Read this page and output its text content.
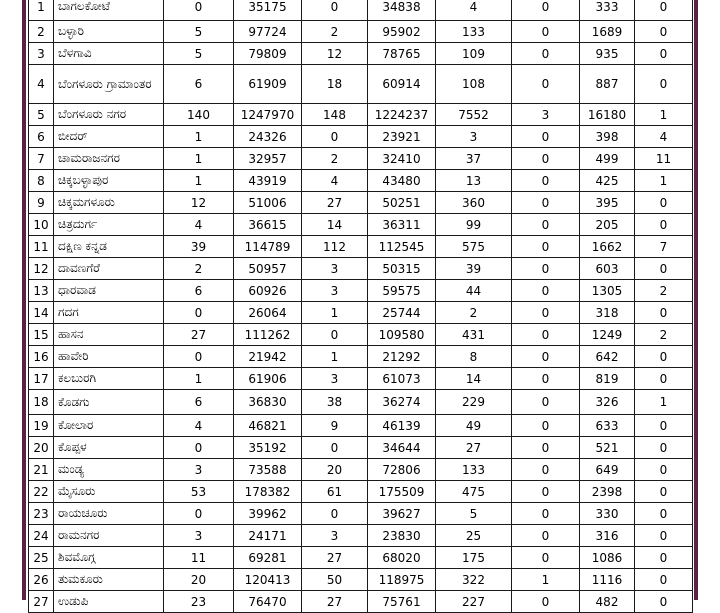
1	ಬಾಗಲಕೋಟೆ	0	35175	0	34838	4	0	333	0
2	ಬಳ್ಳಾರಿ	5	97724	2	95902	133	0	1689	0
3	ಬೆಳಗಾವಿ	5	79809	12	78765	109	0	935	0
4	ಬೆಂಗಳೂರು ಗ್ರಾಮಾಂತರ	6	61909	18	60914	108	0	887	0
5	ಬೆಂಗಳೂರು ನಗರ	140	1247970	148	1224237	7552	3	16180	1
6	ಬೀದರ್	1	24326	0	23921	3	0	398	4
7	ಚಾಮರಾಜನಗರ	1	32957	2	32410	37	0	499	11
8	ಚಿಕ್ಕಬಳ್ಳಾಪುರ	1	43919	4	43480	13	0	425	1
9	ಚಿಕ್ಕಮಗಳೂರು	12	51006	27	50251	360	0	395	0
10	ಚಿತ್ರದುರ್ಗ	4	36615	14	36311	99	0	205	0
11	ದಕ್ಷಿಣ ಕನ್ನಡ	39	114789	112	112545	575	0	1662	7
12	ದಾವಣಗೆರೆ	2	50957	3	50315	39	0	603	0
13	ಧಾರವಾಡ	6	60926	3	59575	44	0	1305	2
14	ಗದಗ	0	26064	1	25744	2	0	318	0
15	ಹಾಸನ	27	111262	0	109580	431	0	1249	2
16	ಹಾವೇರಿ	0	21942	1	21292	8	0	642	0
17	ಕಲಬುರಗಿ	1	61906	3	61073	14	0	819	0
18	ಕೊಡಗು	6	36830	38	36274	229	0	326	1
19	ಕೋಲಾರ	4	46821	9	46139	49	0	633	0
20	ಕೊಪ್ಪಳ	0	35192	0	34644	27	0	521	0
21	ಮಂಡ್ಯ	3	73588	20	72806	133	0	649	0
22	ಮೈಸೂರು	53	178382	61	175509	475	0	2398	0
23	ರಾಯಚೂರು	0	39962	0	39627	5	0	330	0
24	ರಾಮನಗರ	3	24171	3	23830	25	0	316	0
25	ಶಿವಮೊಗ್ಗ	11	69281	27	68020	175	0	1086	0
26	ತುಮಕೂರು	20	120413	50	118975	322	1	1116	0
27	ಉಡುಪಿ	23	76470	27	75761	227	0	482	0
